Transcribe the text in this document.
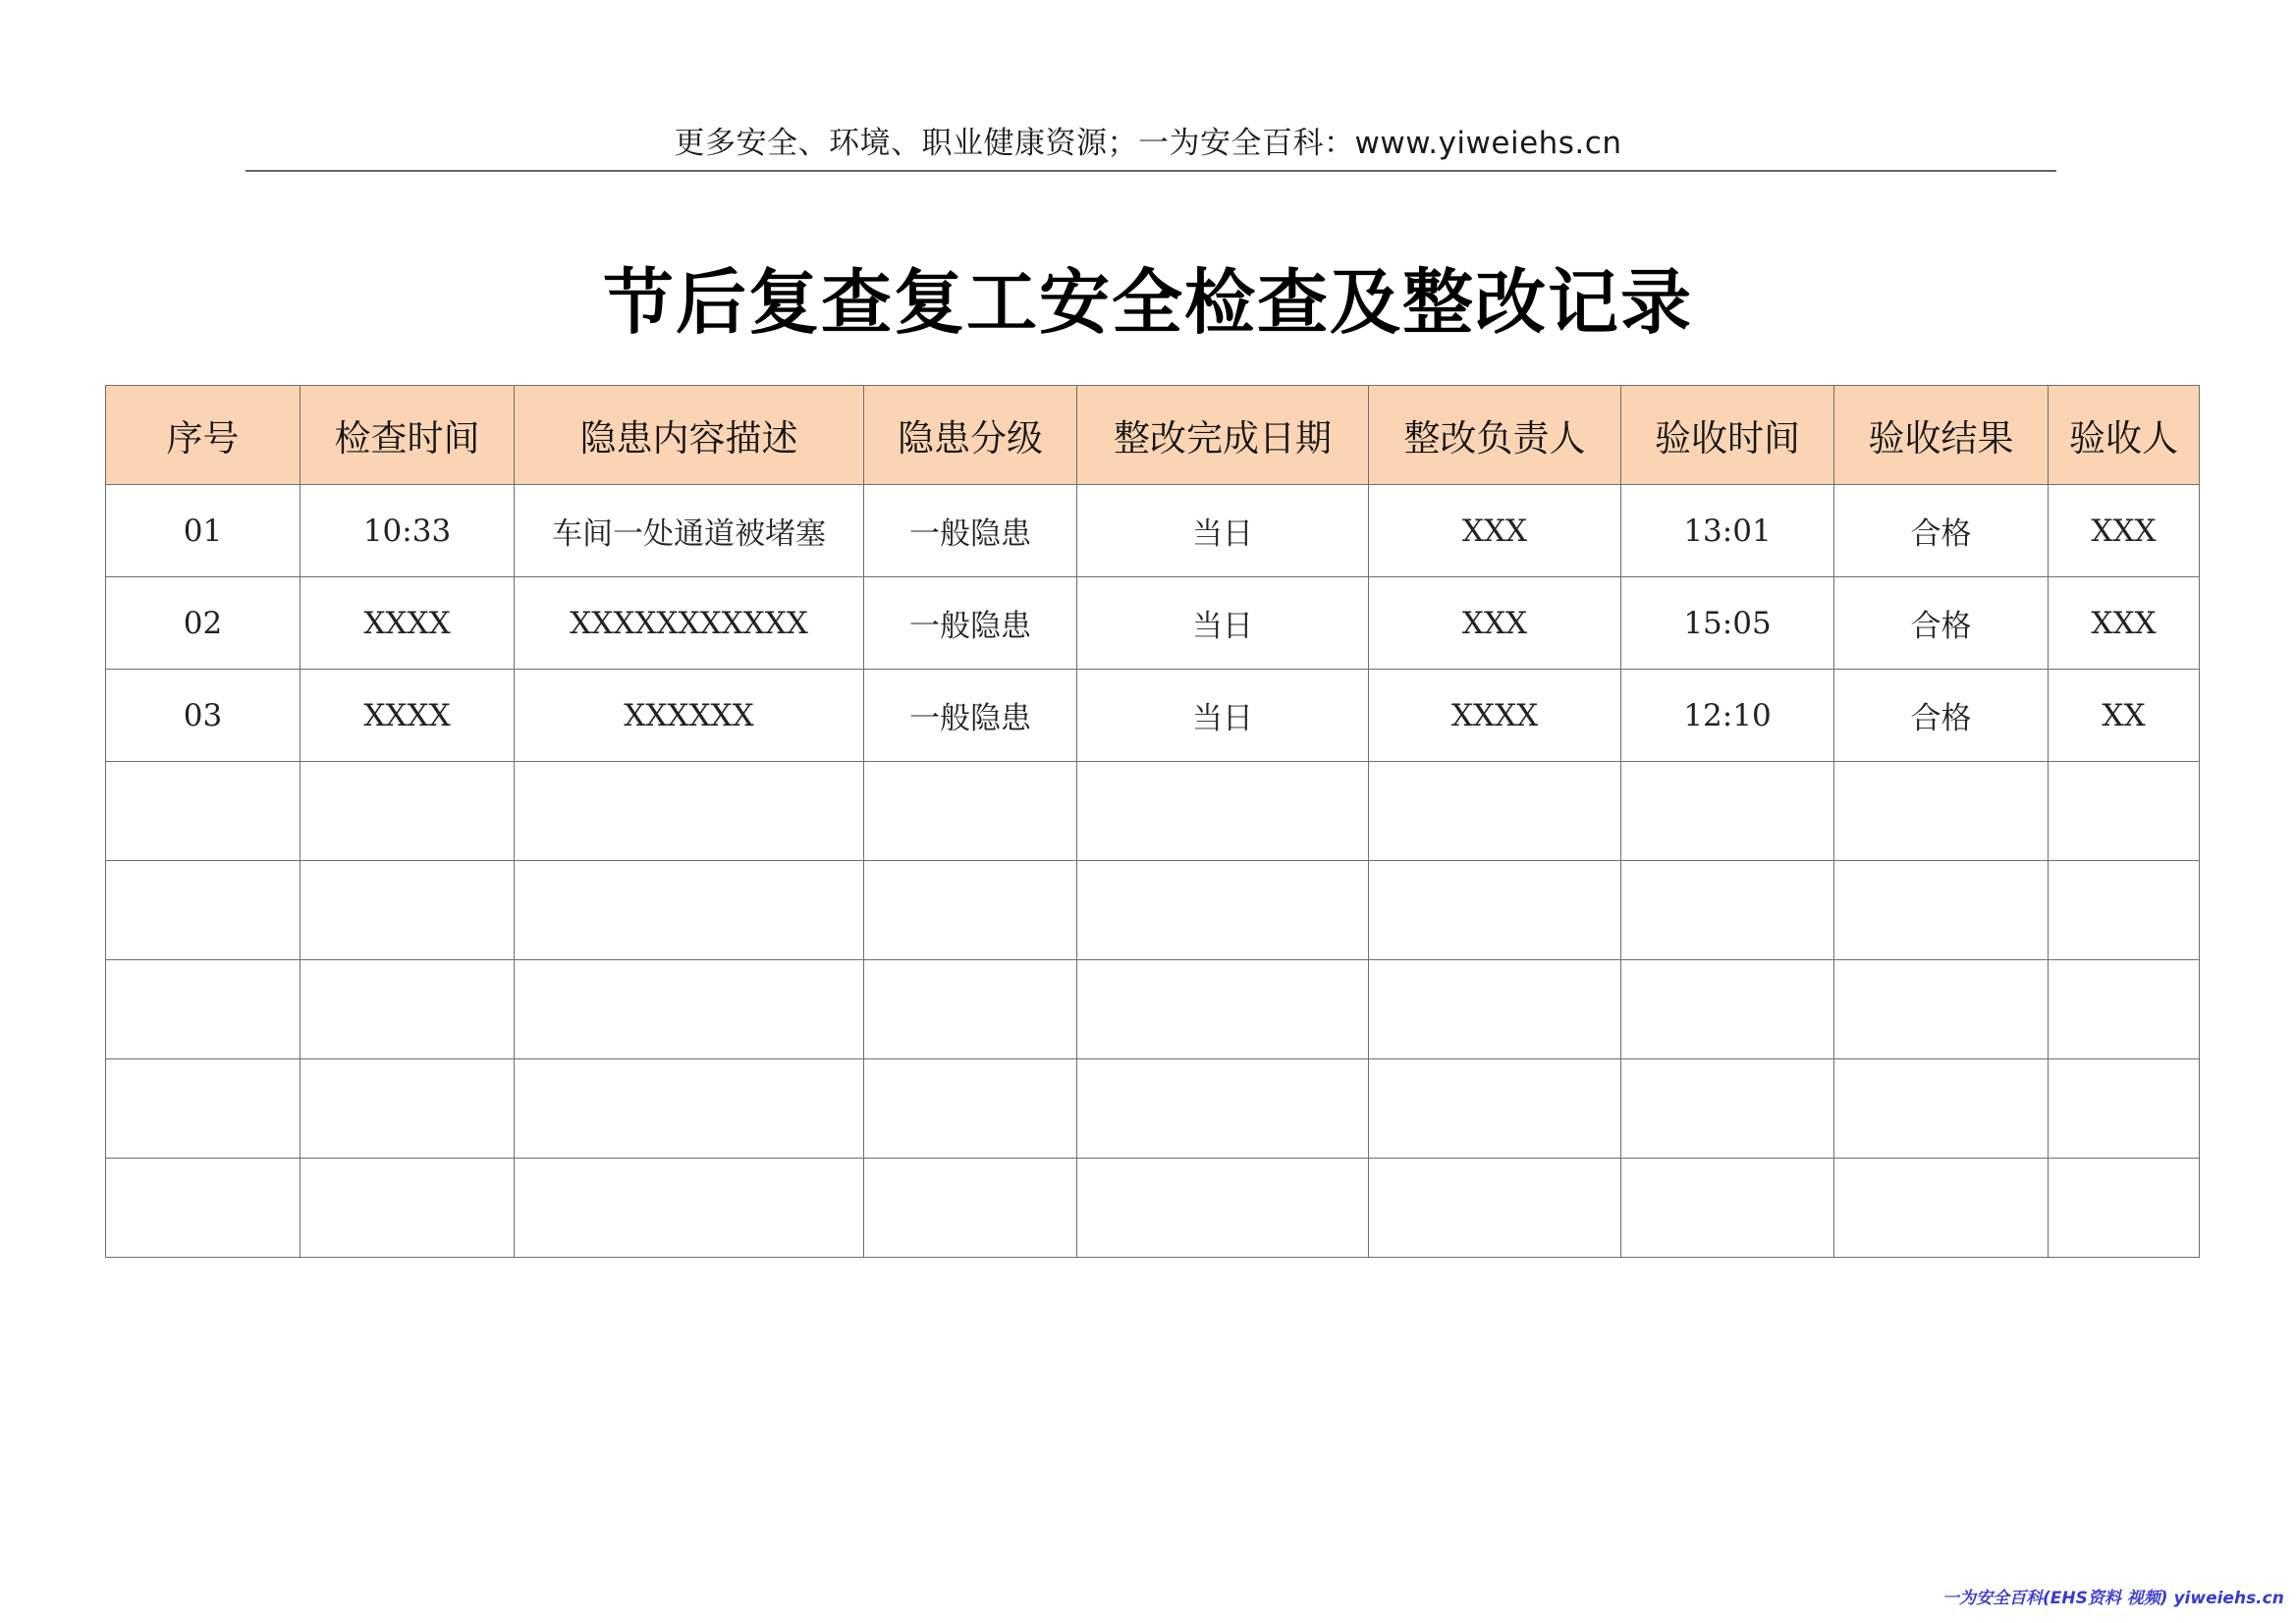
更多安全、环境、职业健康资源；一为安全百科：www.yiweiehs.cn
节后复查复工安全检查及整改记录
序号	检查时间	隐患内容描述	隐患分级	整改完成日期	整改负责人	验收时间	验收结果	验收人
01	10:33	车间一处通道被堵塞	一般隐患	当日	XXX	13:01	合格	XXX
02	XXXX	XXXXXXXXXXX	一般隐患	当日	XXX	15:05	合格	XXX
03	XXXX	XXXXXX	一般隐患	当日	XXXX	12:10	合格	XX

一为安全百科(EHS资料 视频) yiweiehs.cn
